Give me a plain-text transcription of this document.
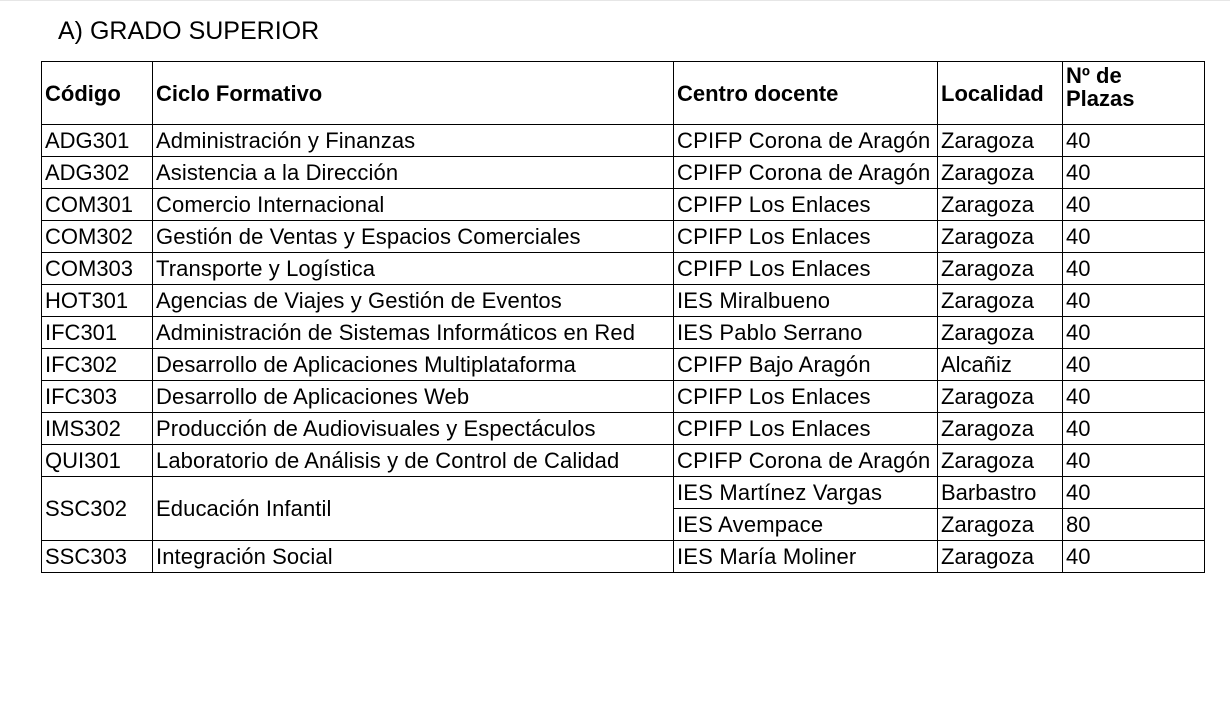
A) GRADO SUPERIOR
Código	Ciclo Formativo	Centro docente	Localidad	Nº de
Plazas
ADG301	Administración y Finanzas	CPIFP Corona de Aragón	Zaragoza	40
ADG302	Asistencia a la Dirección	CPIFP Corona de Aragón	Zaragoza	40
COM301	Comercio Internacional	CPIFP Los Enlaces	Zaragoza	40
COM302	Gestión de Ventas y Espacios Comerciales	CPIFP Los Enlaces	Zaragoza	40
COM303	Transporte y Logística	CPIFP Los Enlaces	Zaragoza	40
HOT301	Agencias de Viajes y Gestión de Eventos	IES Miralbueno	Zaragoza	40
IFC301	Administración de Sistemas Informáticos en Red	IES Pablo Serrano	Zaragoza	40
IFC302	Desarrollo de Aplicaciones Multiplataforma	CPIFP Bajo Aragón	Alcañiz	40
IFC303	Desarrollo de Aplicaciones Web	CPIFP Los Enlaces	Zaragoza	40
IMS302	Producción de Audiovisuales y Espectáculos	CPIFP Los Enlaces	Zaragoza	40
QUI301	Laboratorio de Análisis y de Control de Calidad	CPIFP Corona de Aragón	Zaragoza	40
SSC302	Educación Infantil	IES Martínez Vargas	Barbastro	40
		IES Avempace	Zaragoza	80
SSC303	Integración Social	IES María Moliner	Zaragoza	40
